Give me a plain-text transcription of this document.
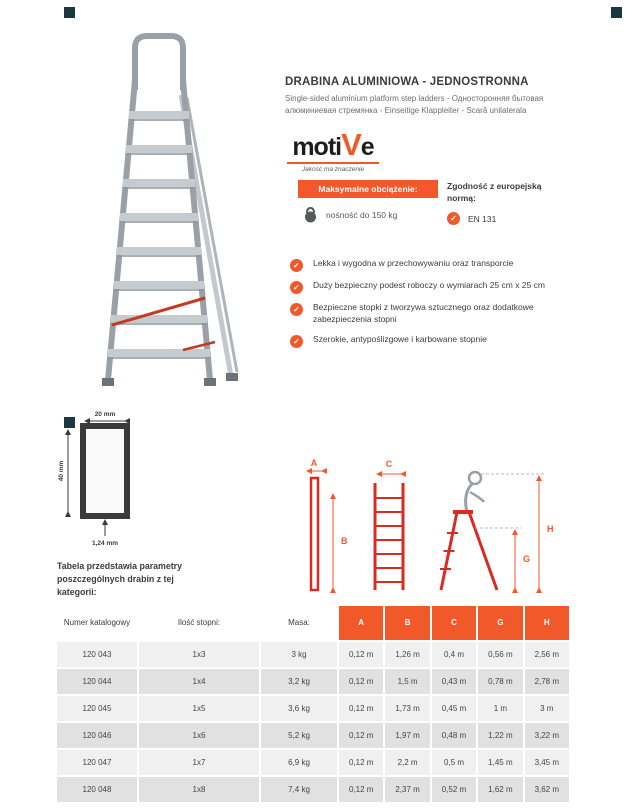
DRABINA ALUMINIOWA - JEDNOSTRONNA
Single-sided aluminium platform step ladders - Односторонняя бытовая алюминиевая стремянка - Einseitige Klappleiter - Scară unilaterala
motiVe
Jakość ma znaczenie
Maksymalne obciążenie:	Zgodność z europejską normą:
nośność do 150 kg	✓	EN 131
✓	Lekka i wygodna w przechowywaniu oraz transporcie
✓	Duży bezpieczny podest roboczy o wymiarach 25 cm x 25 cm
✓	Bezpieczne stopki z tworzywa sztucznego oraz dodatkowe zabezpieczenia stopni
✓	Szerokie, antypoślizgowe i karbowane stopnie
20 mm
40 mm
1,24 mm
Tabela przedstawia parametry poszczególnych drabin z tej kategorii:
A
B
C
G
H
Numer katalogowy	Ilość stopni:	Masa:	A	B	C	G	H
120 043	1x3	3 kg	0,12 m	1,26 m	0,4 m	0,56 m	2,56 m
120 044	1x4	3,2 kg	0,12 m	1,5 m	0,43 m	0,78 m	2,78 m
120 045	1x5	3,6 kg	0,12 m	1,73 m	0,45 m	1 m	3 m
120 046	1x6	5,2 kg	0,12 m	1,97 m	0,48 m	1,22 m	3,22 m
120 047	1x7	6,9 kg	0,12 m	2,2 m	0,5 m	1,45 m	3,45 m
120 048	1x8	7,4 kg	0,12 m	2,37 m	0,52 m	1,62 m	3,62 m
